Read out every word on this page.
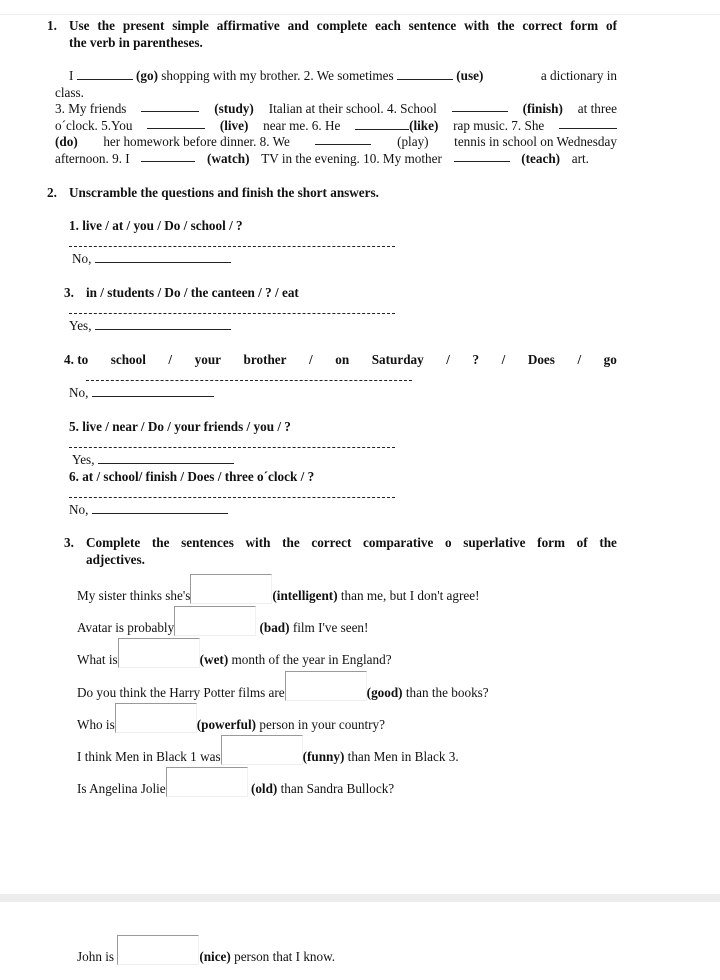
1. Use the present simple affirmative and complete each sentence with the correct form of
the verb in parentheses.
I	(go) shopping with my brother. 2. We sometimes	(use)	a dictionary in
class.
3. My friends	(study) Italian at their school. 4. School	(finish) at three
o´clock. 5.You	(live) near me. 6. He	(like) rap music. 7. She
(do) her homework before dinner. 8. We	(play) tennis in school on Wednesday
afternoon. 9. I	(watch) TV in the evening. 10. My mother	(teach) art.
2. Unscramble the questions and finish the short answers.
1. live / at / you / Do / school / ?
No,
3. in / students / Do / the canteen / ? / eat
Yes,
4. to school / your brother / on Saturday / ? / Does / go
No,
5. live / near / Do / your friends / you / ?
Yes,
6. at / school/ finish / Does / three o´clock / ?
No,
3. Complete the sentences with the correct comparative o superlative form of the
adjectives.
My sister thinks she's	(intelligent) than me, but I don't agree!
Avatar is probably	(bad) film I've seen!
What is	(wet) month of the year in England?
Do you think the Harry Potter films are	(good) than the books?
Who is	(powerful) person in your country?
I think Men in Black 1 was	(funny) than Men in Black 3.
Is Angelina Jolie	(old) than Sandra Bullock?
John is	(nice) person that I know.
